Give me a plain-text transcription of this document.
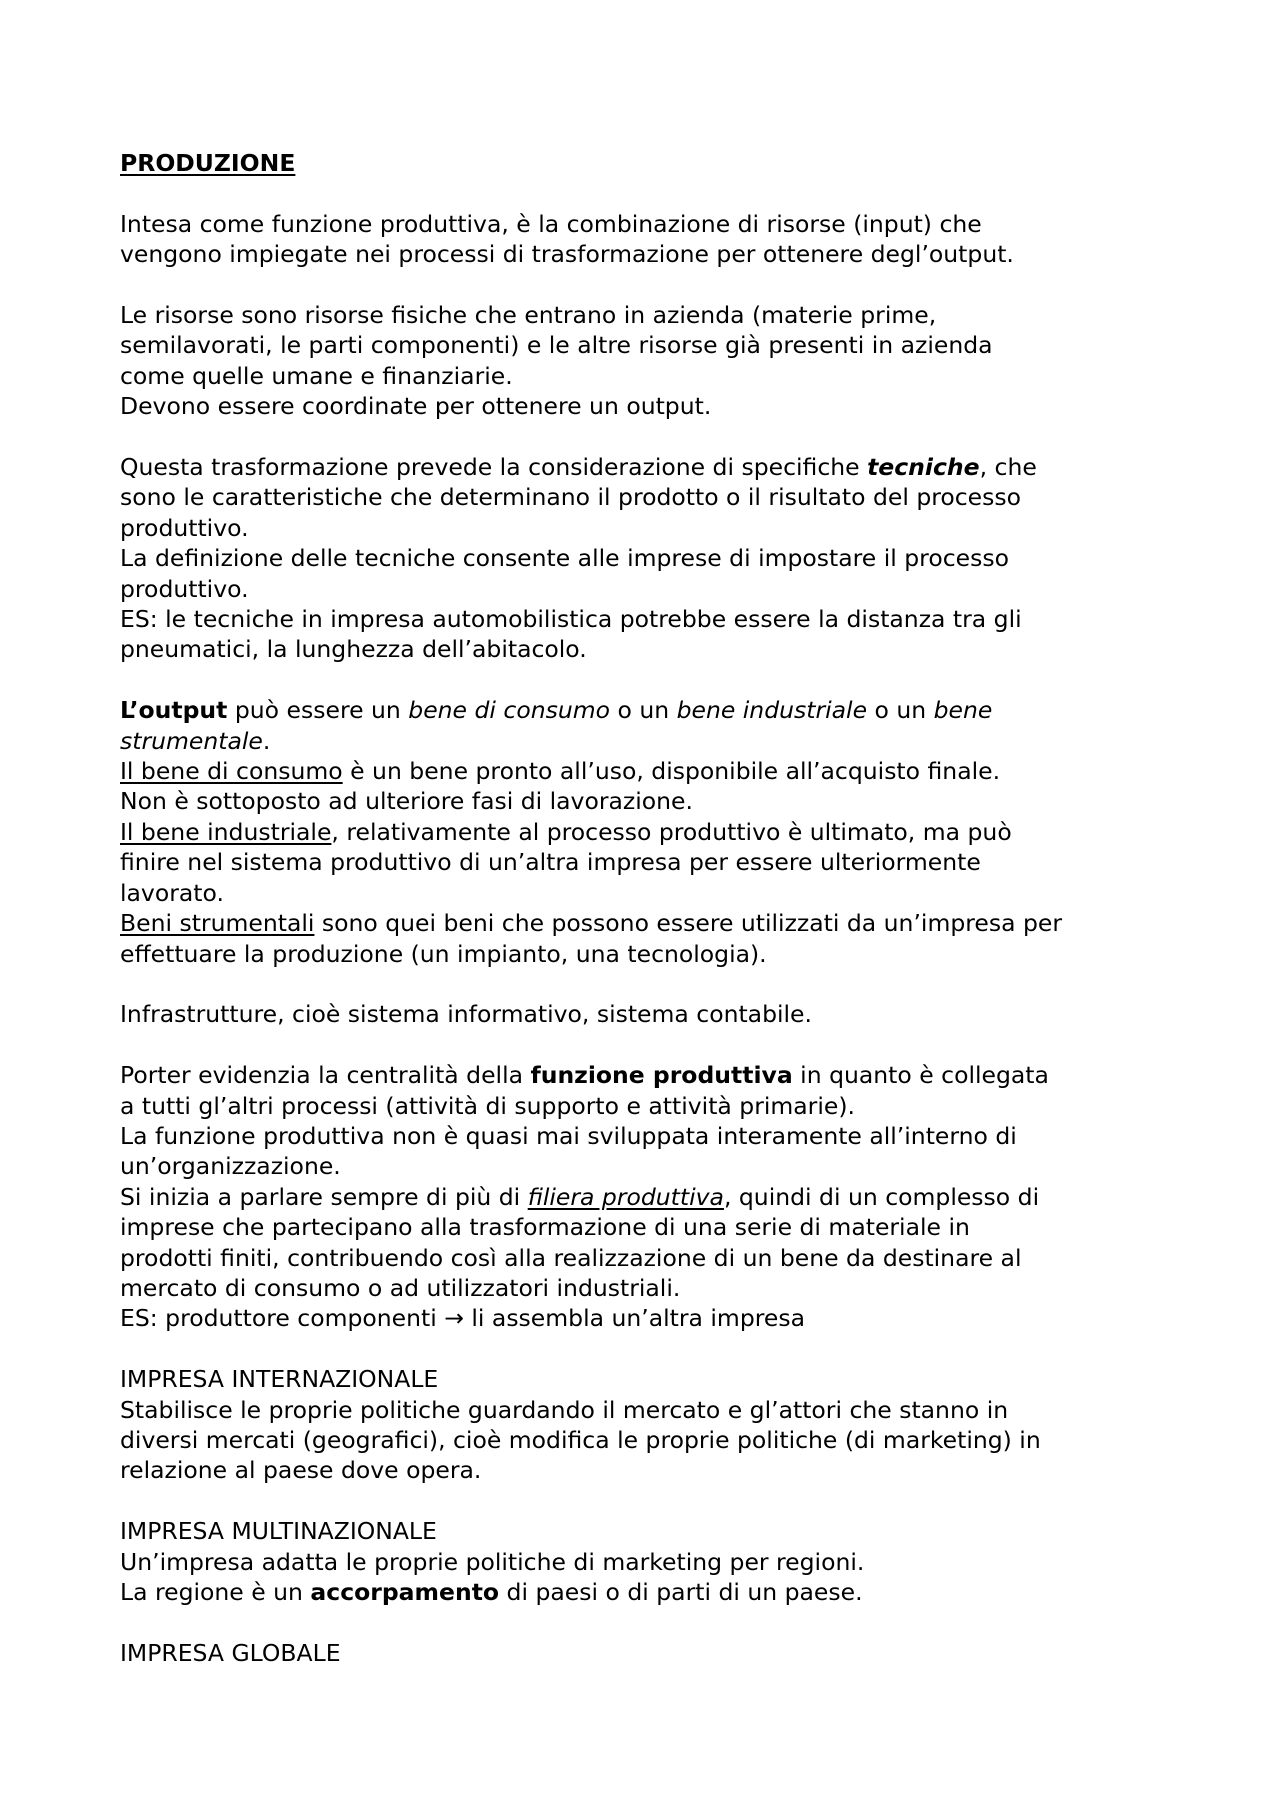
PRODUZIONE

Intesa come funzione produttiva, è la combinazione di risorse (input) che

vengono impiegate nei processi di trasformazione per ottenere degl’output.

Le risorse sono risorse fisiche che entrano in azienda (materie prime,

semilavorati, le parti componenti) e le altre risorse già presenti in azienda

come quelle umane e finanziarie.

Devono essere coordinate per ottenere un output.

Questa trasformazione prevede la considerazione di specifiche tecniche, che

sono le caratteristiche che determinano il prodotto o il risultato del processo

produttivo.

La definizione delle tecniche consente alle imprese di impostare il processo

produttivo.

ES: le tecniche in impresa automobilistica potrebbe essere la distanza tra gli

pneumatici, la lunghezza dell’abitacolo.

L’output può essere un bene di consumo o un bene industriale o un bene

strumentale.

Il bene di consumo è un bene pronto all’uso, disponibile all’acquisto finale.

Non è sottoposto ad ulteriore fasi di lavorazione.

Il bene industriale, relativamente al processo produttivo è ultimato, ma può

finire nel sistema produttivo di un’altra impresa per essere ulteriormente

lavorato.

Beni strumentali sono quei beni che possono essere utilizzati da un’impresa per

effettuare la produzione (un impianto, una tecnologia).

Infrastrutture, cioè sistema informativo, sistema contabile.

Porter evidenzia la centralità della funzione produttiva in quanto è collegata

a tutti gl’altri processi (attività di supporto e attività primarie).

La funzione produttiva non è quasi mai sviluppata interamente all’interno di

un’organizzazione.

Si inizia a parlare sempre di più di filiera produttiva, quindi di un complesso di

imprese che partecipano alla trasformazione di una serie di materiale in

prodotti finiti, contribuendo così alla realizzazione di un bene da destinare al

mercato di consumo o ad utilizzatori industriali.

ES: produttore componenti → li assembla un’altra impresa

IMPRESA INTERNAZIONALE

Stabilisce le proprie politiche guardando il mercato e gl’attori che stanno in

diversi mercati (geografici), cioè modifica le proprie politiche (di marketing) in

relazione al paese dove opera.

IMPRESA MULTINAZIONALE

Un’impresa adatta le proprie politiche di marketing per regioni.

La regione è un accorpamento di paesi o di parti di un paese.

IMPRESA GLOBALE
